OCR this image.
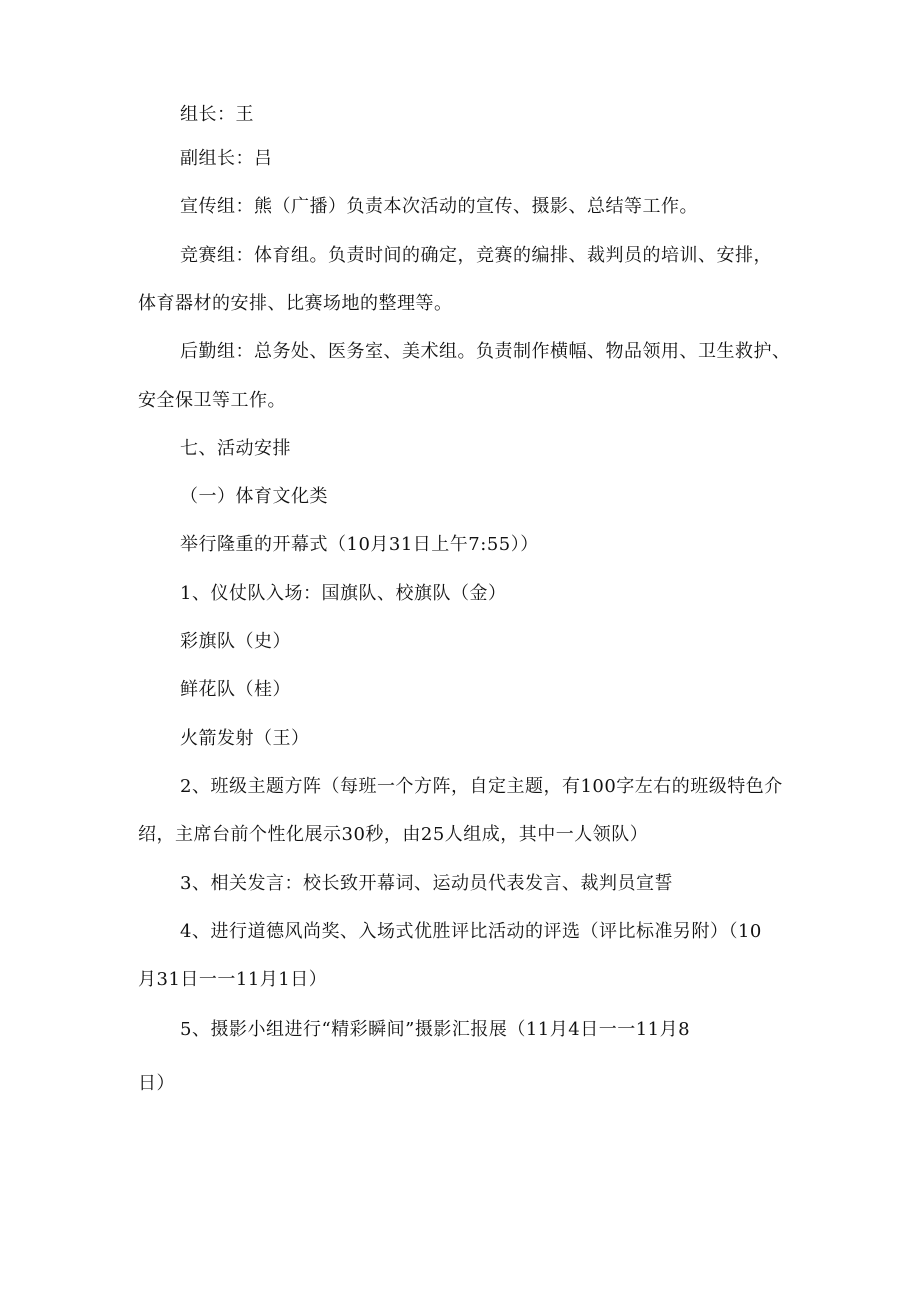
组长：王
副组长：吕
宣传组：熊（广播）负责本次活动的宣传、摄影、总结等工作。
竞赛组：体育组。负责时间的确定，竞赛的编排、裁判员的培训、安排，
体育器材的安排、比赛场地的整理等。
后勤组：总务处、医务室、美术组。负责制作横幅、物品领用、卫生救护、
安全保卫等工作。
七、活动安排
（一）体育文化类
举行隆重的开幕式（10月31日上午7:55））
1、仪仗队入场：国旗队、校旗队（金）
彩旗队（史）
鲜花队（桂）
火箭发射（王）
2、班级主题方阵（每班一个方阵，自定主题，有100字左右的班级特色介
绍，主席台前个性化展示30秒，由25人组成，其中一人领队）
3、相关发言：校长致开幕词、运动员代表发言、裁判员宣誓
4、进行道德风尚奖、入场式优胜评比活动的评选（评比标准另附）（10
月31日一一11月1日）
5、摄影小组进行“精彩瞬间”摄影汇报展（11月4日一一11月8
日）
